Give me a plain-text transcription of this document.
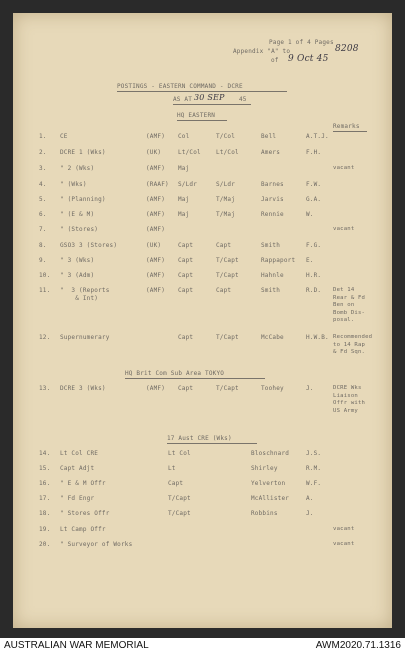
Page 1 of 4 Pages
Appendix "A" to	8208
of 9 Oct 45
POSTINGS - EASTERN COMMAND - DCRE
AS AT 30 SEP 45
HQ EASTERN
Remarks
1. CE	(AMF) Col	T/Col	Bell	A.T.J.
2. DCRE 1 (Wks)	(UK)	Lt/Col	Lt/Col	Amers	F.H.
3. " 2 (Wks)	(AMF) Maj	vacant
4. " (Wks)	(RAAF) S/Ldr	S/Ldr	Barnes	F.W.
5. " (Planning)	(AMF) Maj	T/Maj	Jarvis	G.A.
6. " (E & M)	(AMF) Maj	T/Maj	Rennie	W.
7. " (Stores)	(AMF)	vacant
8. GSO3 3 (Stores)	(UK)	Capt	Capt	Smith	F.G.
9. " 3 (Wks)	(AMF) Capt	T/Capt	Rappaport E.
10. " 3 (Adm)	(AMF) Capt	T/Capt	Hahnle	H.R.
11. "  3 (Reports
& Int)
(AMF) Capt	Capt	Smith	R.D. Det 14
Rear & Fd
Ben on
Bomb Dis-
posal.
12. Supernumerary	Capt	T/Capt	McCabe	H.W.B. Recommended
to 14 Rap
& Fd Sqn.
HQ Brit Com Sub Area TOKYO
13. DCRE 3 (Wks)	(AMF) Capt	T/Capt	Toohey	J.	DCRE Wks
Liaison
Offr with
US Army
17 Aust CRE (Wks)
14. Lt Col CRE	Lt Col	Bloschnard	J.S.
15. Capt Adjt	Lt	Shirley	R.M.
16. " E & M Offr	Capt	Yelverton	W.F.
17. " Fd Engr	T/Capt	McAllister	A.
18. " Stores Offr	T/Capt	Robbins	J.
19. Lt Camp Offr	vacant
20. " Surveyor of Works	vacant
AUSTRALIAN WAR MEMORIAL	AWM2020.71.1316
